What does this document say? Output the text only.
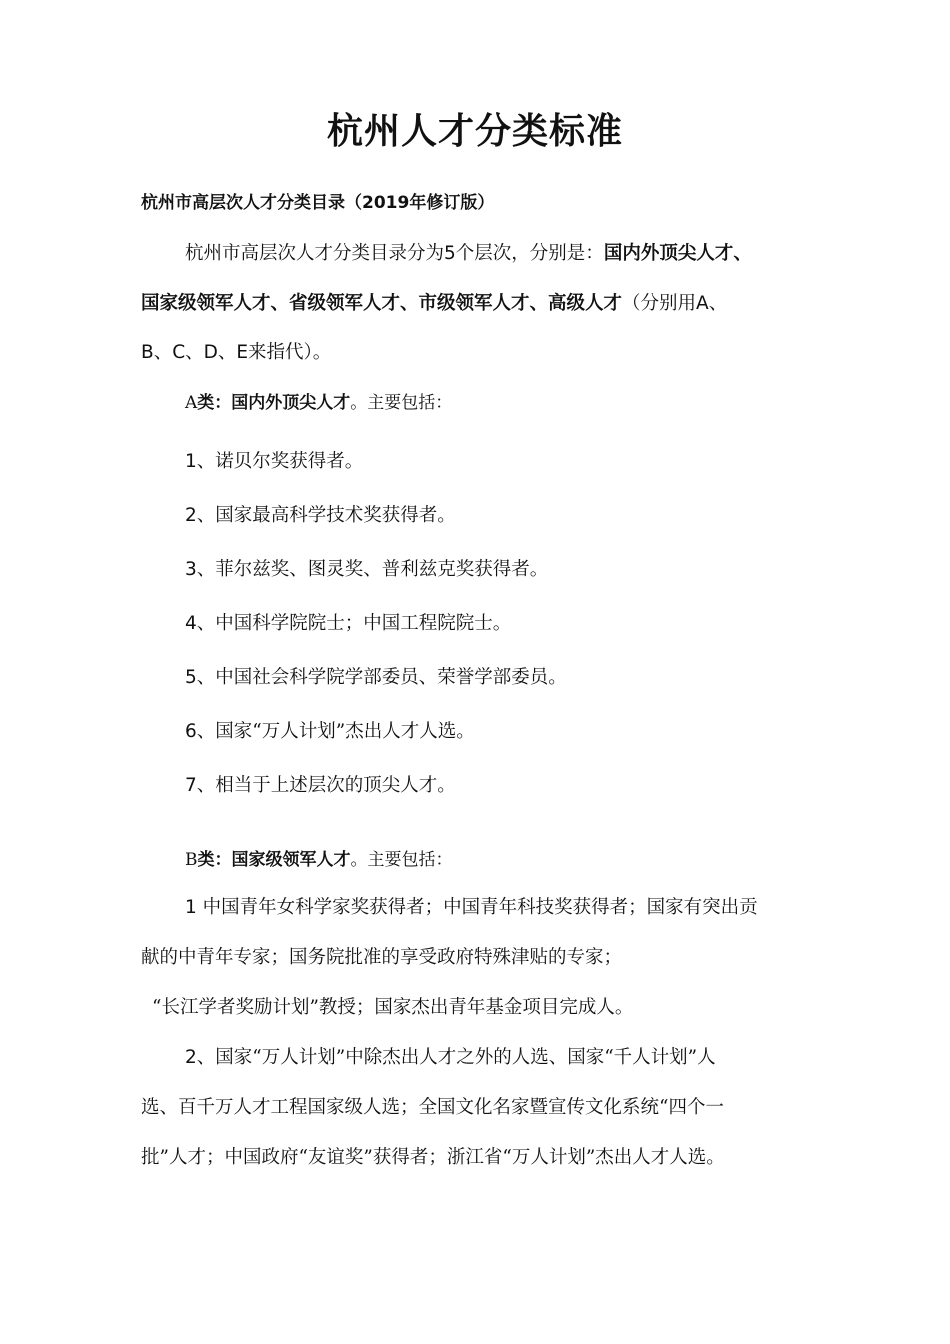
杭州人才分类标准
杭州市高层次人才分类目录（2019年修订版）
杭州市高层次人才分类目录分为5个层次，分别是：国内外顶尖人才、
国家级领军人才、省级领军人才、市级领军人才、高级人才（分别用A、
B、C、D、E来指代）。
A类：国内外顶尖人才。主要包括：
1、诺贝尔奖获得者。
2、国家最高科学技术奖获得者。
3、菲尔兹奖、图灵奖、普利兹克奖获得者。
4、中国科学院院士；中国工程院院士。
5、中国社会科学院学部委员、荣誉学部委员。
6、国家“万人计划”杰出人才人选。
7、相当于上述层次的顶尖人才。
B类：国家级领军人才。主要包括：
1 中国青年女科学家奖获得者；中国青年科技奖获得者；国家有突出贡
献的中青年专家；国务院批准的享受政府特殊津贴的专家；
“长江学者奖励计划”教授；国家杰出青年基金项目完成人。
2、国家“万人计划”中除杰出人才之外的人选、国家“千人计划”人
选、百千万人才工程国家级人选；全国文化名家暨宣传文化系统“四个一
批”人才；中国政府“友谊奖”获得者；浙江省“万人计划”杰出人才人选。
